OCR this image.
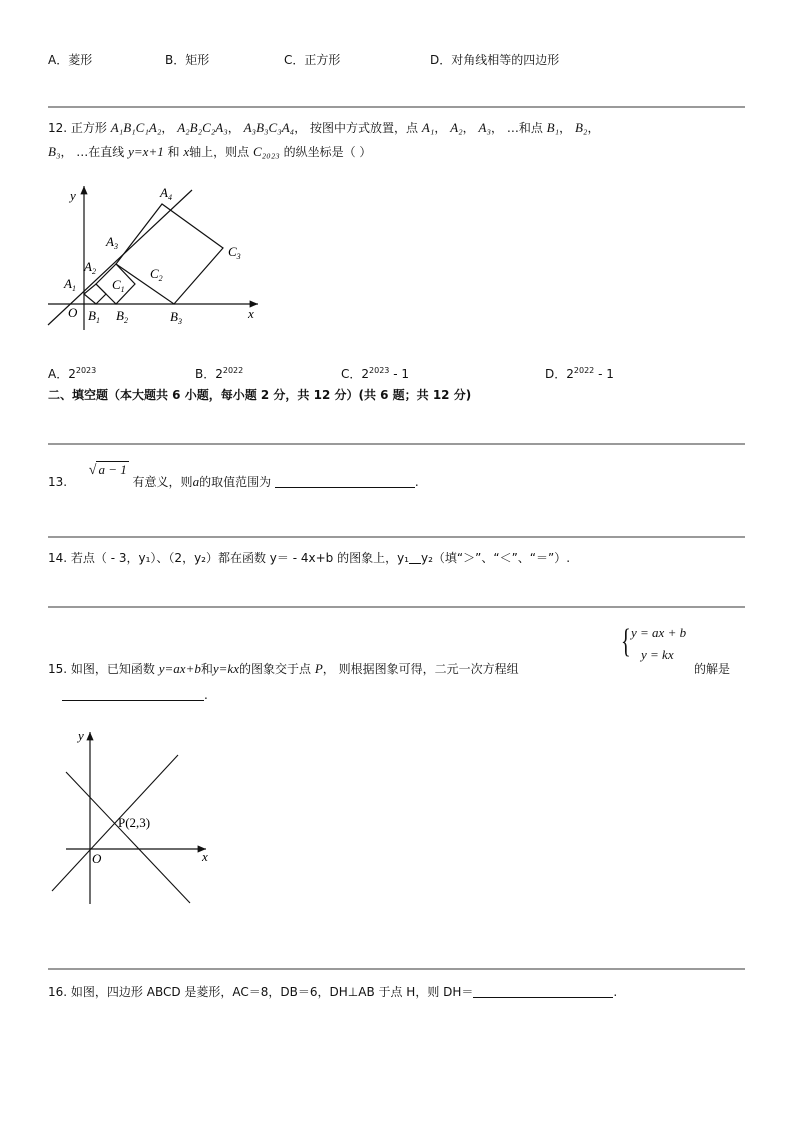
A．菱形	B．矩形	C．正方形	D．对角线相等的四边形
12. 正方形 A₁B₁C₁A₂， A₂B₂C₂A₃， A₃B₃C₃A₄， 按图中方式放置，点 A₁， A₂， A₃， …和点 B₁， B₂，
B₃， …在直线 y=x+1 和 x轴上，则点 C₂₀₂₃ 的纵坐标是（ ）
y
x
O
$A_1$
$A_2$
$A_3$
$A_4$
$B_1$ $B_2$	$B_3$
$C_1$
$C_2$
$C_3$
A．$2^{2023}$	B．$2^{2022}$	C．$2^{2023} - 1$	D．$2^{2022} - 1$
二、填空题（本大题共 6 小题，每小题 2 分，共 12 分）(共 6 题；共 12 分)
13.  √ a − 1 有意义，则a的取值范围为	.
14. 若点（ - 3，y₁）、（2，y₂）都在函数 y＝ - 4x+b 的图象上，y₁ y₂（填“＞”、“＜”、“＝”）.
{ y = ax + b
y = kx
15. 如图，已知函数 y=ax+b和y=kx的图象交于点 P， 则根据图象可得，二元一次方程组	的解是
.
y
x
O
P(2,3)
16. 如图，四边形 ABCD 是菱形，AC＝8，DB＝6，DH⊥AB 于点 H，则 DH＝	.
